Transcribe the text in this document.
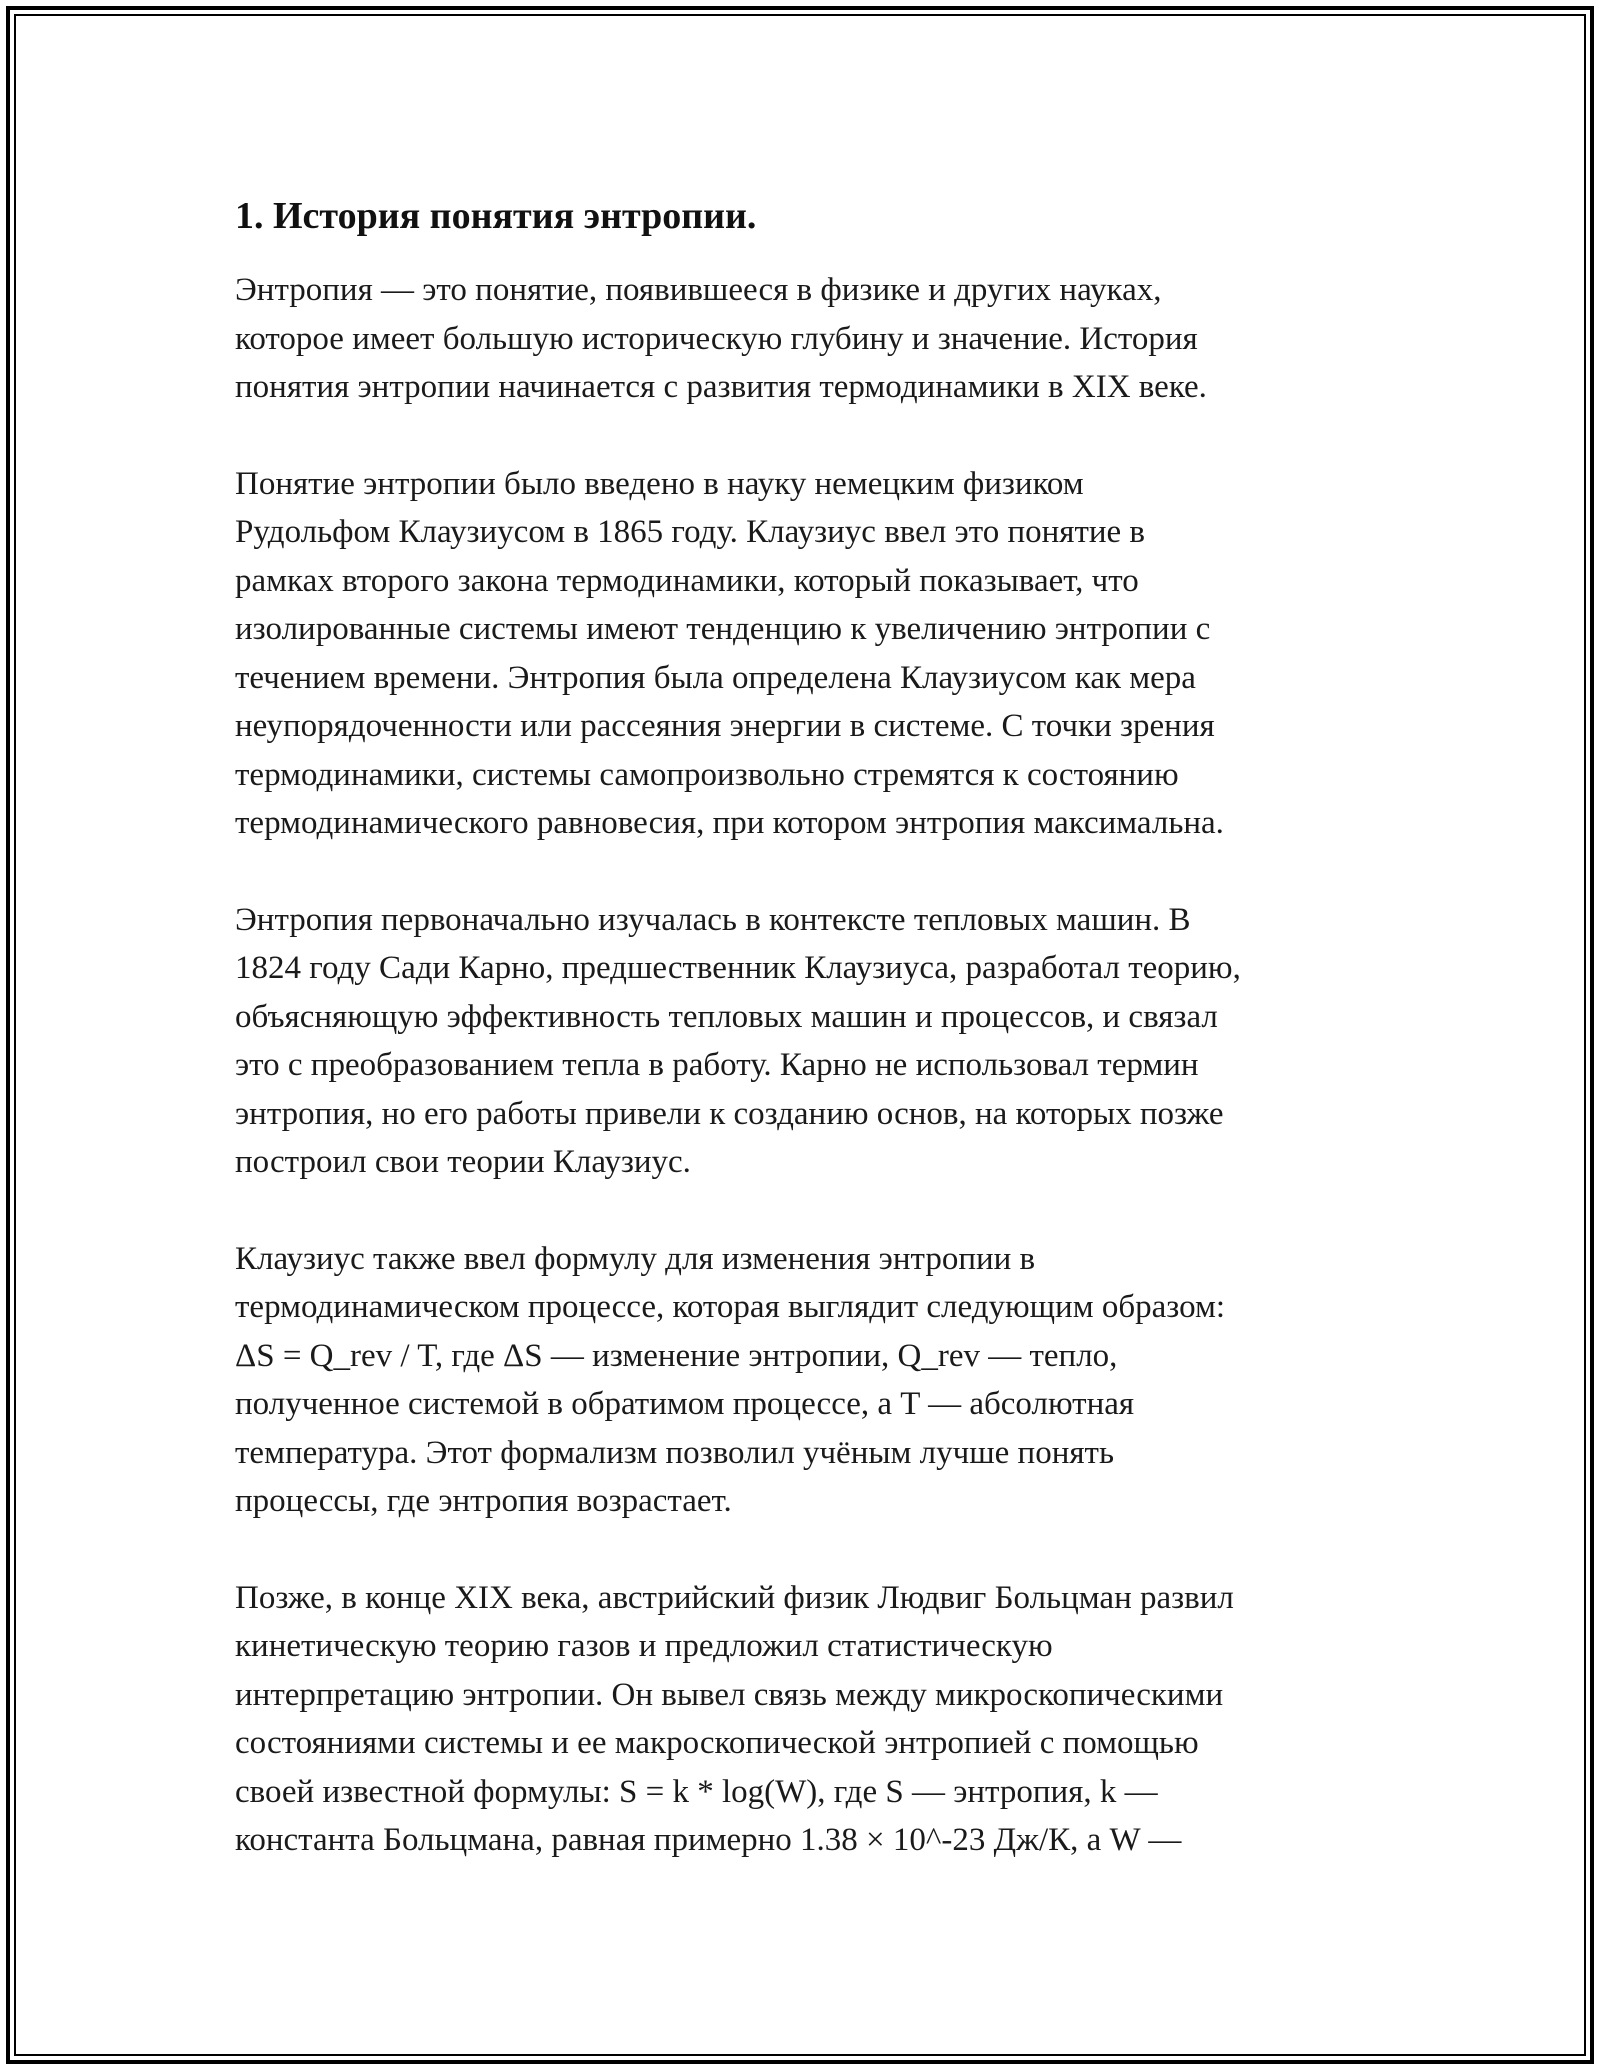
1. История понятия энтропии.

Энтропия — это понятие, появившееся в физике и других науках,
которое имеет большую историческую глубину и значение. История
понятия энтропии начинается с развития термодинамики в XIX веке.

Понятие энтропии было введено в науку немецким физиком
Рудольфом Клаузиусом в 1865 году. Клаузиус ввел это понятие в
рамках второго закона термодинамики, который показывает, что
изолированные системы имеют тенденцию к увеличению энтропии с
течением времени. Энтропия была определена Клаузиусом как мера
неупорядоченности или рассеяния энергии в системе. С точки зрения
термодинамики, системы самопроизвольно стремятся к состоянию
термодинамического равновесия, при котором энтропия максимальна.

Энтропия первоначально изучалась в контексте тепловых машин. В
1824 году Сади Карно, предшественник Клаузиуса, разработал теорию,
объясняющую эффективность тепловых машин и процессов, и связал
это с преобразованием тепла в работу. Карно не использовал термин
энтропия, но его работы привели к созданию основ, на которых позже
построил свои теории Клаузиус.

Клаузиус также ввел формулу для изменения энтропии в
термодинамическом процессе, которая выглядит следующим образом:
ΔS = Q_rev / T, где ΔS — изменение энтропии, Q_rev — тепло,
полученное системой в обратимом процессе, а T — абсолютная
температура. Этот формализм позволил учёным лучше понять
процессы, где энтропия возрастает.

Позже, в конце XIX века, австрийский физик Людвиг Больцман развил
кинетическую теорию газов и предложил статистическую
интерпретацию энтропии. Он вывел связь между микроскопическими
состояниями системы и ее макроскопической энтропией с помощью
своей известной формулы: S = k * log(W), где S — энтропия, k —
константа Больцмана, равная примерно 1.38 × 10^-23 Дж/К, а W —
